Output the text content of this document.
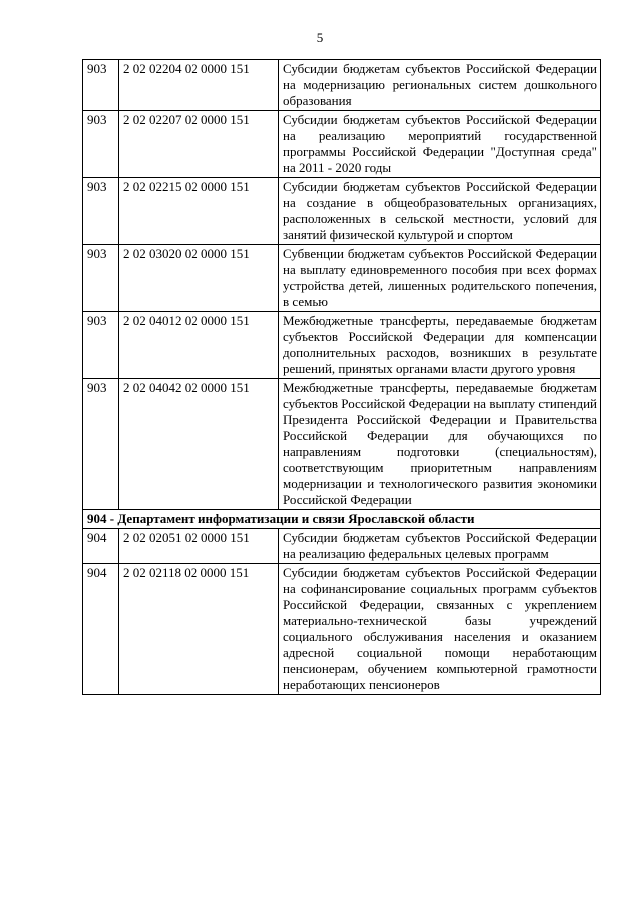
5
903	2 02 02204 02 0000 151	Субсидии бюджетам субъектов Российской Федерации на модернизацию региональных систем дошкольного образования
903	2 02 02207 02 0000 151	Субсидии бюджетам субъектов Российской Федерации на реализацию мероприятий государственной программы Российской Федерации "Доступная среда" на 2011 - 2020 годы
903	2 02 02215 02 0000 151	Субсидии бюджетам субъектов Российской Федерации на создание в общеобразовательных организациях, расположенных в сельской местности, условий для занятий физической культурой и спортом
903	2 02 03020 02 0000 151	Субвенции бюджетам субъектов Российской Федерации на выплату единовременного пособия при всех формах устройства детей, лишенных родительского попечения, в семью
903	2 02 04012 02 0000 151	Межбюджетные трансферты, передаваемые бюджетам субъектов Российской Федерации для компенсации дополнительных расходов, возникших в результате решений, принятых органами власти другого уровня
903	2 02 04042 02 0000 151	Межбюджетные трансферты, передаваемые бюджетам субъектов Российской Федерации на выплату стипендий Президента Российской Федерации и Правительства Российской Федерации для обучающихся по направлениям подготовки (специальностям), соответствующим приоритетным направлениям модернизации и технологического развития экономики Российской Федерации
904 - Департамент информатизации и связи Ярославской области		
904	2 02 02051 02 0000 151	Субсидии бюджетам субъектов Российской Федерации на реализацию федеральных целевых программ
904	2 02 02118 02 0000 151	Субсидии бюджетам субъектов Российской Федерации на софинансирование социальных программ субъектов Российской Федерации, связанных с укреплением материально-технической базы учреждений социального обслуживания населения и оказанием адресной социальной помощи неработающим пенсионерам, обучением компьютерной грамотности неработающих пенсионеров
